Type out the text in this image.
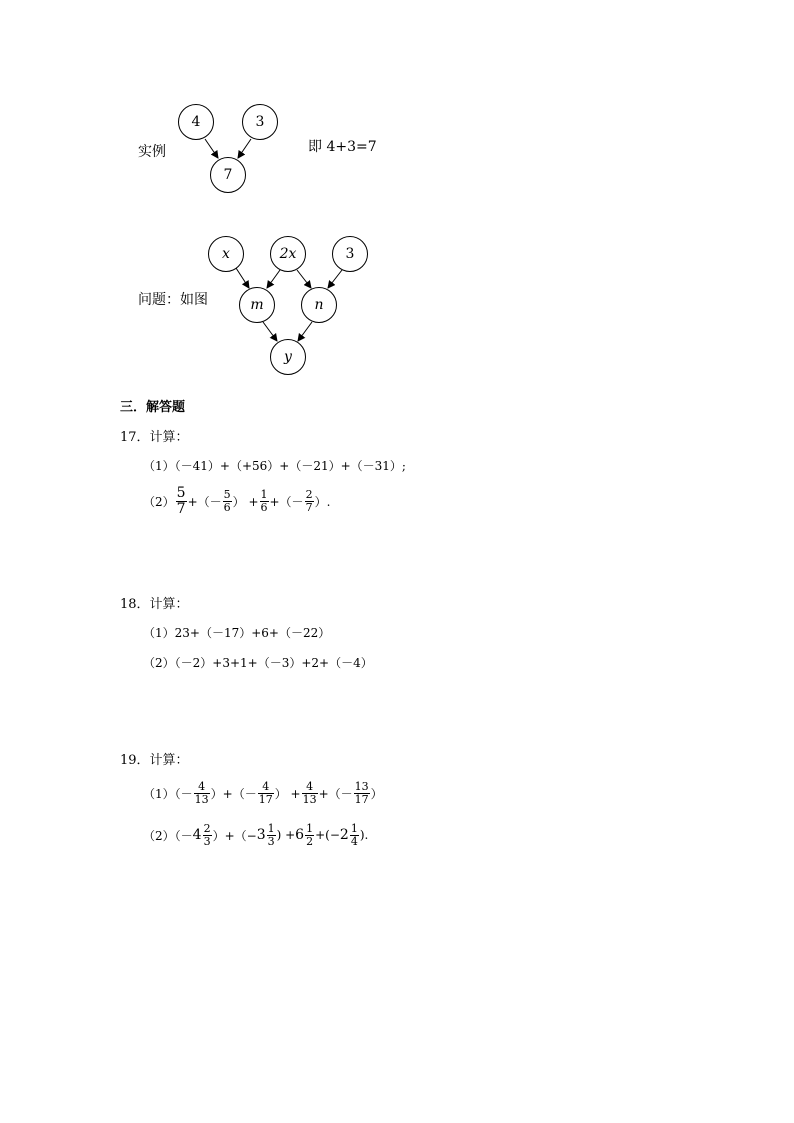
实例
4	3
7
即 4+3=7
问题：如图
x	2x	3
m	n
y
三．解答题
17．计算：
（1）（－41）+（+56）+（－21）+（－31）;
$(2) \frac{5}{7}$ +（－ $\frac{5}{6}$ ） + $\frac{1}{6}$ +（－ $\frac{2}{7}$ ）.
18．计算：
（1）23+（－17）+6+（－22）
（2）（－2）+3+1+（－3）+2+（－4）
19．计算：
$(1)(- \frac{4}{13}$ ）+（－ $\frac{4}{17}$ ） + $\frac{4}{13}$ +（－ $\frac{13}{17}$ ）
$(2)(- 4 \frac{2}{3}$ ）+（− $3 \frac{1}{3}$ ) + $6 \frac{1}{2}$ +(− $2 \frac{1}{4}$ ).
